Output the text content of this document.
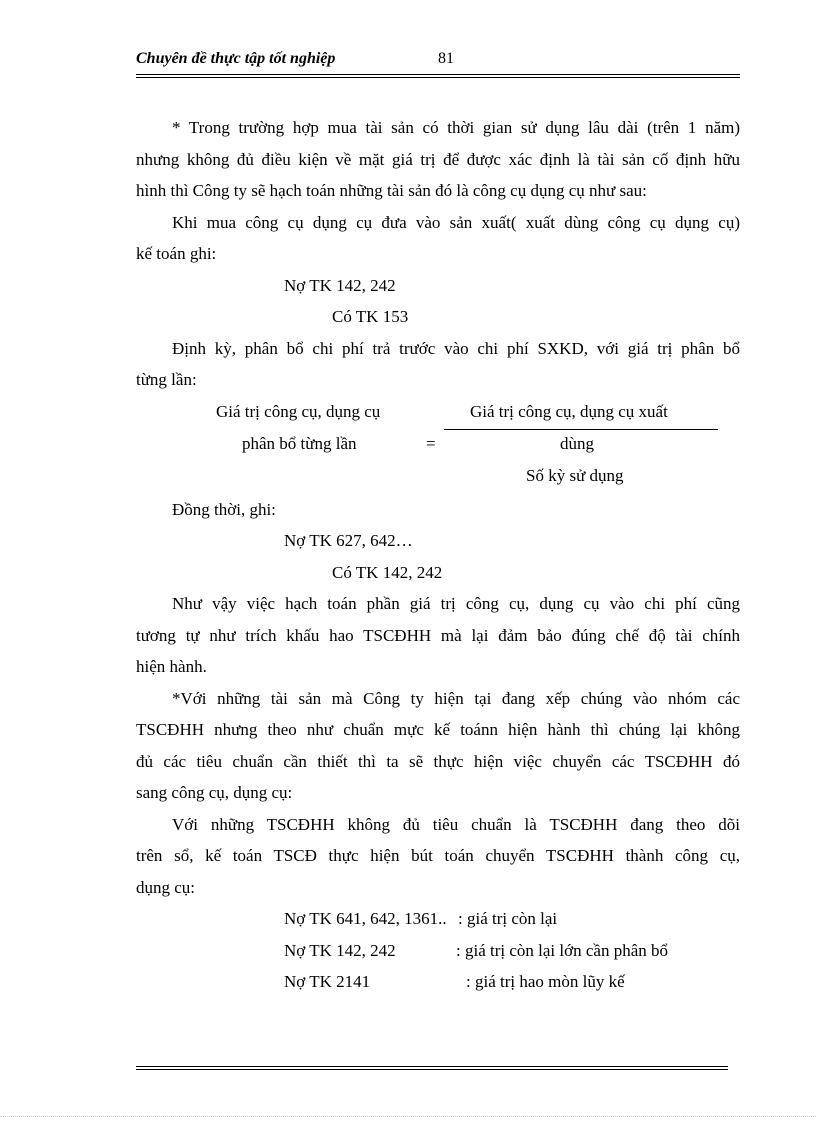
Chuyên đề thực tập tốt nghiệp	81
* Trong trường hợp mua tài sản có thời gian sử dụng lâu dài (trên 1 năm)
nhưng không đủ điều kiện về mặt giá trị để được xác định là tài sản cố định hữu
hình thì Công ty sẽ hạch toán những tài sản đó là công cụ dụng cụ như sau:
Khi mua công cụ dụng cụ đưa vào sản xuất( xuất dùng công cụ dụng cụ)
kế toán ghi:
Nợ TK 142, 242
Có TK 153
Định kỳ, phân bổ chi phí trả trước vào chi phí SXKD, với giá trị phân bổ
từng lần:
Giá trị công cụ, dụng cụ
phân bổ từng lần	=
Giá trị công cụ, dụng cụ xuất
dùng
Số kỳ sử dụng
Đồng thời, ghi:
Nợ TK 627, 642…
Có TK 142, 242
Như vậy việc hạch toán phần giá trị công cụ, dụng cụ vào chi phí cũng
tương tự như trích khấu hao TSCĐHH mà lại đảm bảo đúng chế độ tài chính
hiện hành.
*Với những tài sản mà Công ty hiện tại đang xếp chúng vào nhóm các
TSCĐHH nhưng theo như chuẩn mực kế toánn hiện hành thì chúng lại không
đủ các tiêu chuẩn cần thiết thì ta sẽ thực hiện việc chuyển các TSCĐHH đó
sang công cụ, dụng cụ:
Với những TSCĐHH không đủ tiêu chuẩn là TSCĐHH đang theo dõi
trên sổ, kế toán TSCĐ thực hiện bút toán chuyển TSCĐHH thành công cụ,
dụng cụ:
Nợ TK 641, 642, 1361.. : giá trị còn lại
Nợ TK 142, 242	: giá trị còn lại lớn cần phân bổ
Nợ TK 2141	: giá trị hao mòn lũy kế
